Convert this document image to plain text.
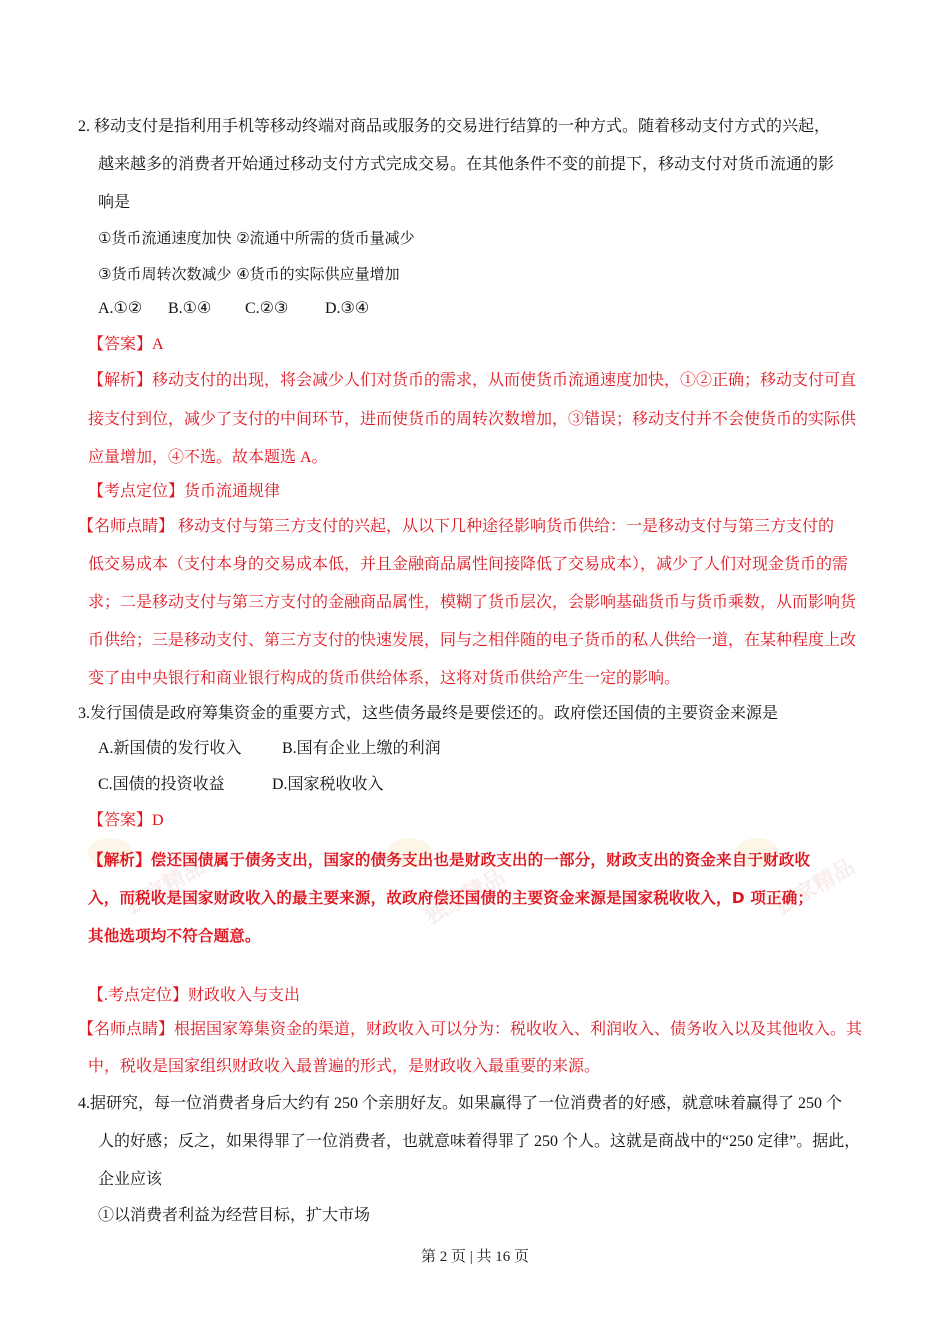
独家精品	独家精品	独家精品
2. 移动支付是指利用手机等移动终端对商品或服务的交易进行结算的一种方式。随着移动支付方式的兴起，
越来越多的消费者开始通过移动支付方式完成交易。在其他条件不变的前提下，移动支付对货币流通的影
响是
①货币流通速度加快 ②流通中所需的货币量减少
③货币周转次数减少 ④货币的实际供应量增加
A.①② B.①④ C.②③ D.③④
【答案】A
【解析】移动支付的出现，将会减少人们对货币的需求，从而使货币流通速度加快，①②正确；移动支付可直
接支付到位，减少了支付的中间环节，进而使货币的周转次数增加，③错误；移动支付并不会使货币的实际供
应量增加，④不选。故本题选 A。
【考点定位】货币流通规律
【名师点睛】 移动支付与第三方支付的兴起，从以下几种途径影响货币供给：一是移动支付与第三方支付的
低交易成本（支付本身的交易成本低，并且金融商品属性间接降低了交易成本），减少了人们对现金货币的需
求；二是移动支付与第三方支付的金融商品属性，模糊了货币层次，会影响基础货币与货币乘数，从而影响货
币供给；三是移动支付、第三方支付的快速发展，同与之相伴随的电子货币的私人供给一道，在某种程度上改
变了由中央银行和商业银行构成的货币供给体系，这将对货币供给产生一定的影响。
3.发行国债是政府筹集资金的重要方式，这些债务最终是要偿还的。政府偿还国债的主要资金来源是
A.新国债的发行收入	B.国有企业上缴的利润
C.国债的投资收益	D.国家税收收入
【答案】D
【解析】偿还国债属于债务支出，国家的债务支出也是财政支出的一部分，财政支出的资金来自于财政收
入，而税收是国家财政收入的最主要来源，故政府偿还国债的主要资金来源是国家税收收入，D 项正确；
其他选项均不符合题意。
【.考点定位】财政收入与支出
【名师点睛】根据国家筹集资金的渠道，财政收入可以分为：税收收入、利润收入、债务收入以及其他收入。其
中，税收是国家组织财政收入最普遍的形式，是财政收入最重要的来源。
4.据研究，每一位消费者身后大约有 250 个亲朋好友。如果赢得了一位消费者的好感，就意味着赢得了 250 个
人的好感；反之，如果得罪了一位消费者，也就意味着得罪了 250 个人。这就是商战中的“250 定律”。据此，
企业应该
①以消费者利益为经营目标，扩大市场
第 2 页 | 共 16 页
